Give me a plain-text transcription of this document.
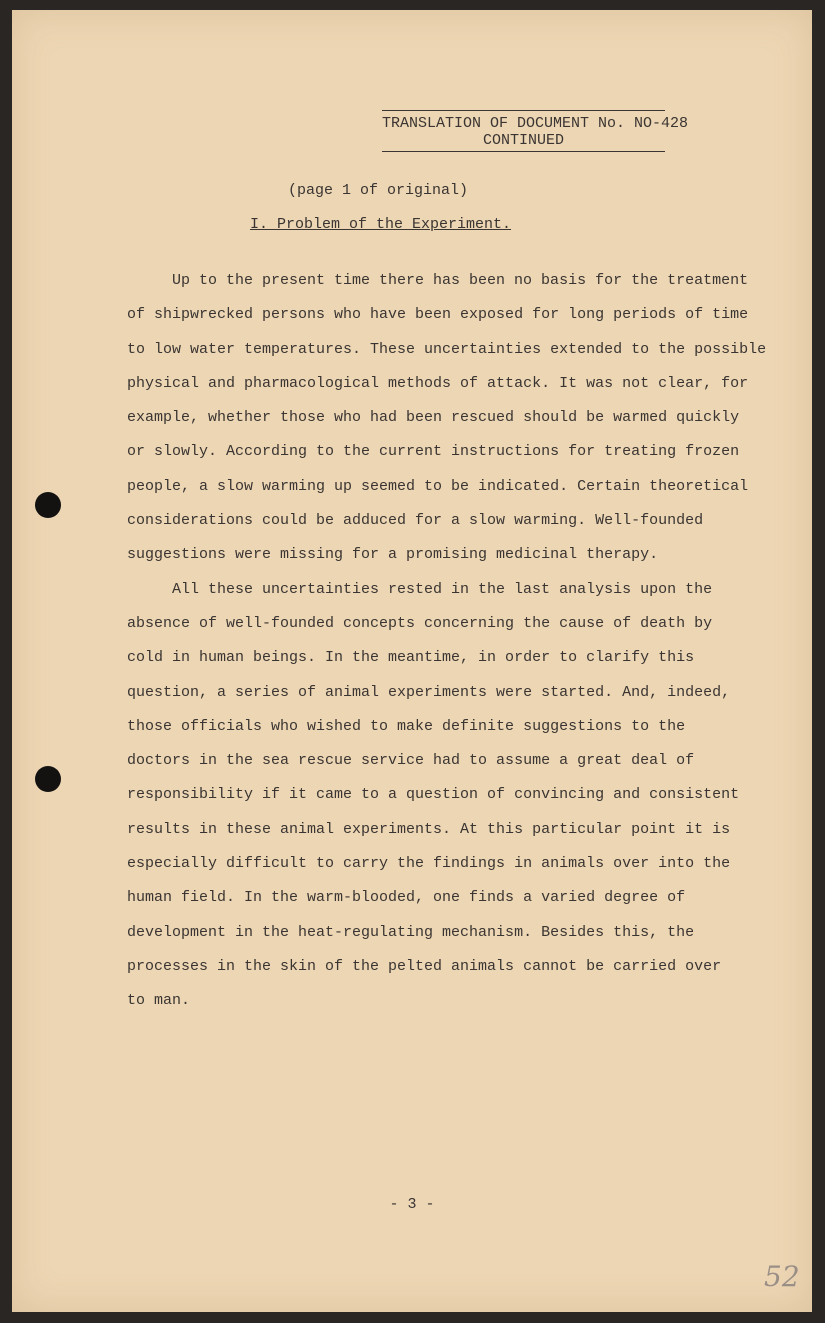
TRANSLATION OF DOCUMENT No. NO-428
CONTINUED
(page 1 of original)
I. Problem of the Experiment.
Up to the present time there has been no basis for the treatment
of shipwrecked persons who have been exposed for long periods of time
to low water temperatures. These uncertainties extended to the possible
physical and pharmacological methods of attack. It was not clear, for
example, whether those who had been rescued should be warmed quickly
or slowly. According to the current instructions for treating frozen
people, a slow warming up seemed to be indicated. Certain theoretical
considerations could be adduced for a slow warming. Well-founded
suggestions were missing for a promising medicinal therapy.
All these uncertainties rested in the last analysis upon the
absence of well-founded concepts concerning the cause of death by
cold in human beings. In the meantime, in order to clarify this
question, a series of animal experiments were started. And, indeed,
those officials who wished to make definite suggestions to the
doctors in the sea rescue service had to assume a great deal of
responsibility if it came to a question of convincing and consistent
results in these animal experiments. At this particular point it is
especially difficult to carry the findings in animals over into the
human field. In the warm-blooded, one finds a varied degree of
development in the heat-regulating mechanism. Besides this, the
processes in the skin of the pelted animals cannot be carried over
to man.
- 3 -
52
